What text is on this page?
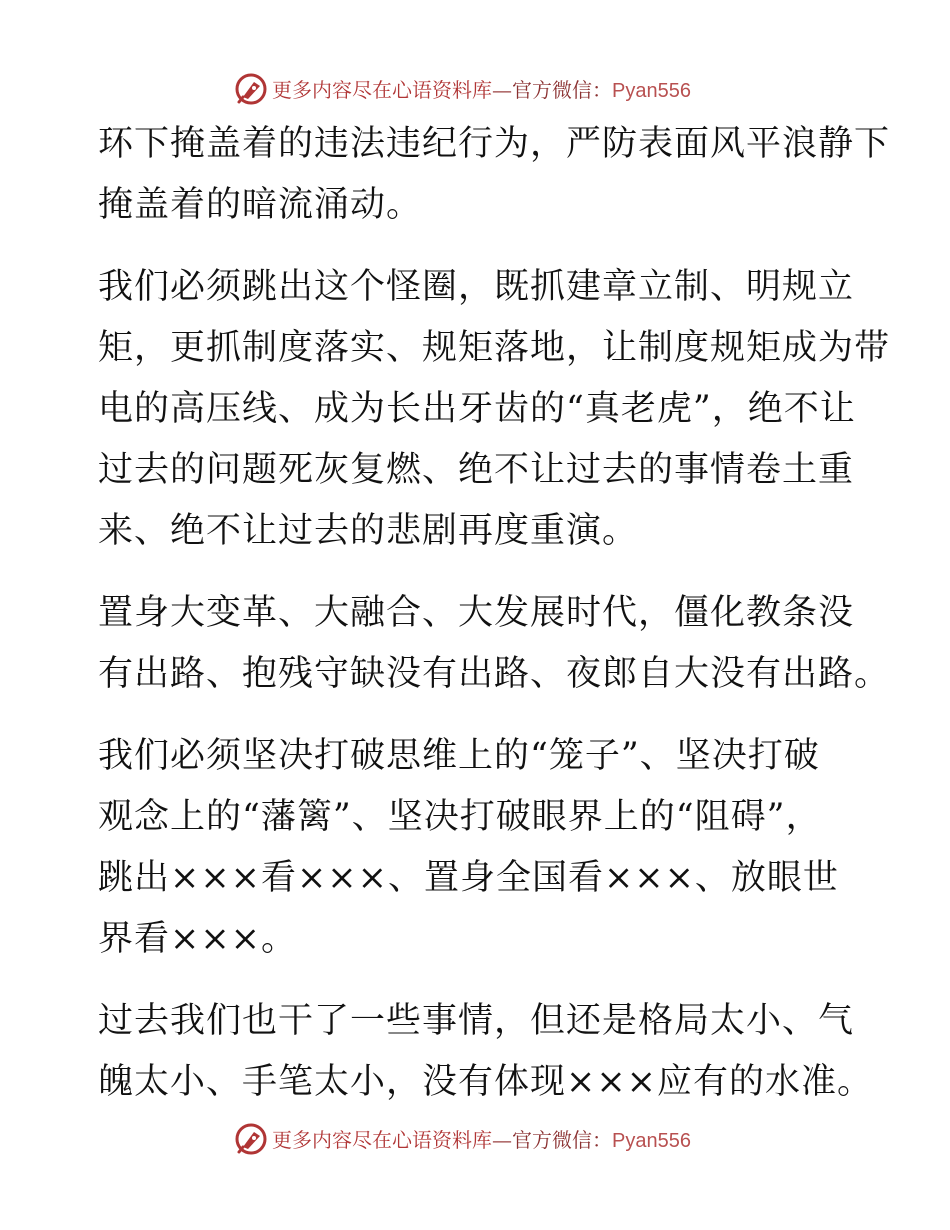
更多内容尽在心语资料库—官方微信：Pyan556

环下掩盖着的违法违纪行为，严防表面风平浪静下
掩盖着的暗流涌动。

我们必须跳出这个怪圈，既抓建章立制、明规立
矩，更抓制度落实、规矩落地，让制度规矩成为带
电的高压线、成为长出牙齿的“真老虎”，绝不让
过去的问题死灰复燃、绝不让过去的事情卷土重
来、绝不让过去的悲剧再度重演。

置身大变革、大融合、大发展时代，僵化教条没
有出路、抱残守缺没有出路、夜郎自大没有出路。

我们必须坚决打破思维上的“笼子”、坚决打破
观念上的“藩篱”、坚决打破眼界上的“阻碍”，
跳出×××看×××、置身全国看×××、放眼世
界看×××。

过去我们也干了一些事情，但还是格局太小、气
魄太小、手笔太小，没有体现×××应有的水准。

更多内容尽在心语资料库—官方微信：Pyan556
